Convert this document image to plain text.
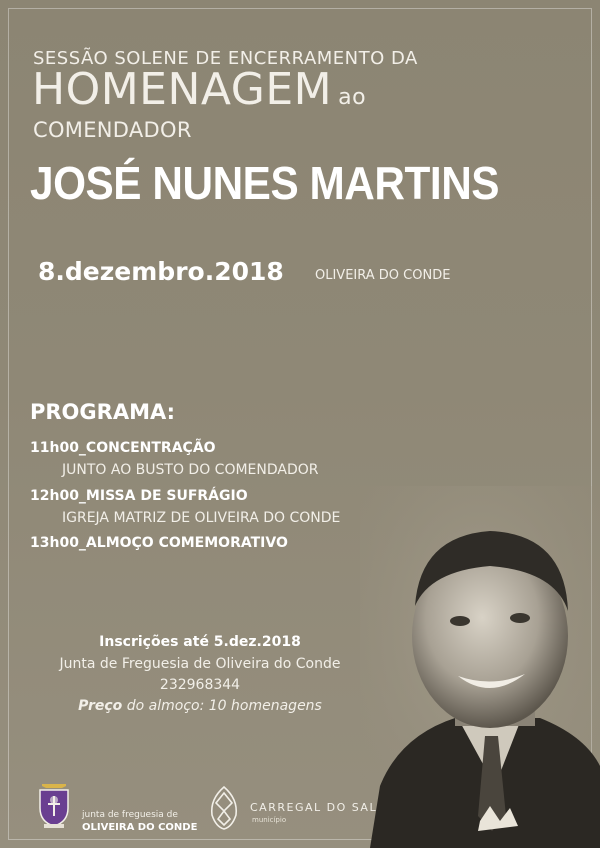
SESSÃO SOLENE DE ENCERRAMENTO DA
HOMENAGEM ao
COMENDADOR
JOSÉ NUNES MARTINS
8.dezembro.2018 OLIVEIRA DO CONDE
PROGRAMA:
11h00_CONCENTRAÇÃO
JUNTO AO BUSTO DO COMENDADOR
12h00_MISSA DE SUFRÁGIO
IGREJA MATRIZ DE OLIVEIRA DO CONDE
13h00_ALMOÇO COMEMORATIVO
Inscrições até 5.dez.2018
Junta de Freguesia de Oliveira do Conde
232968344
Preço do almoço: 10 homenagens
junta de freguesia de
OLIVEIRA DO CONDE
CARREGAL DO SAL
município
